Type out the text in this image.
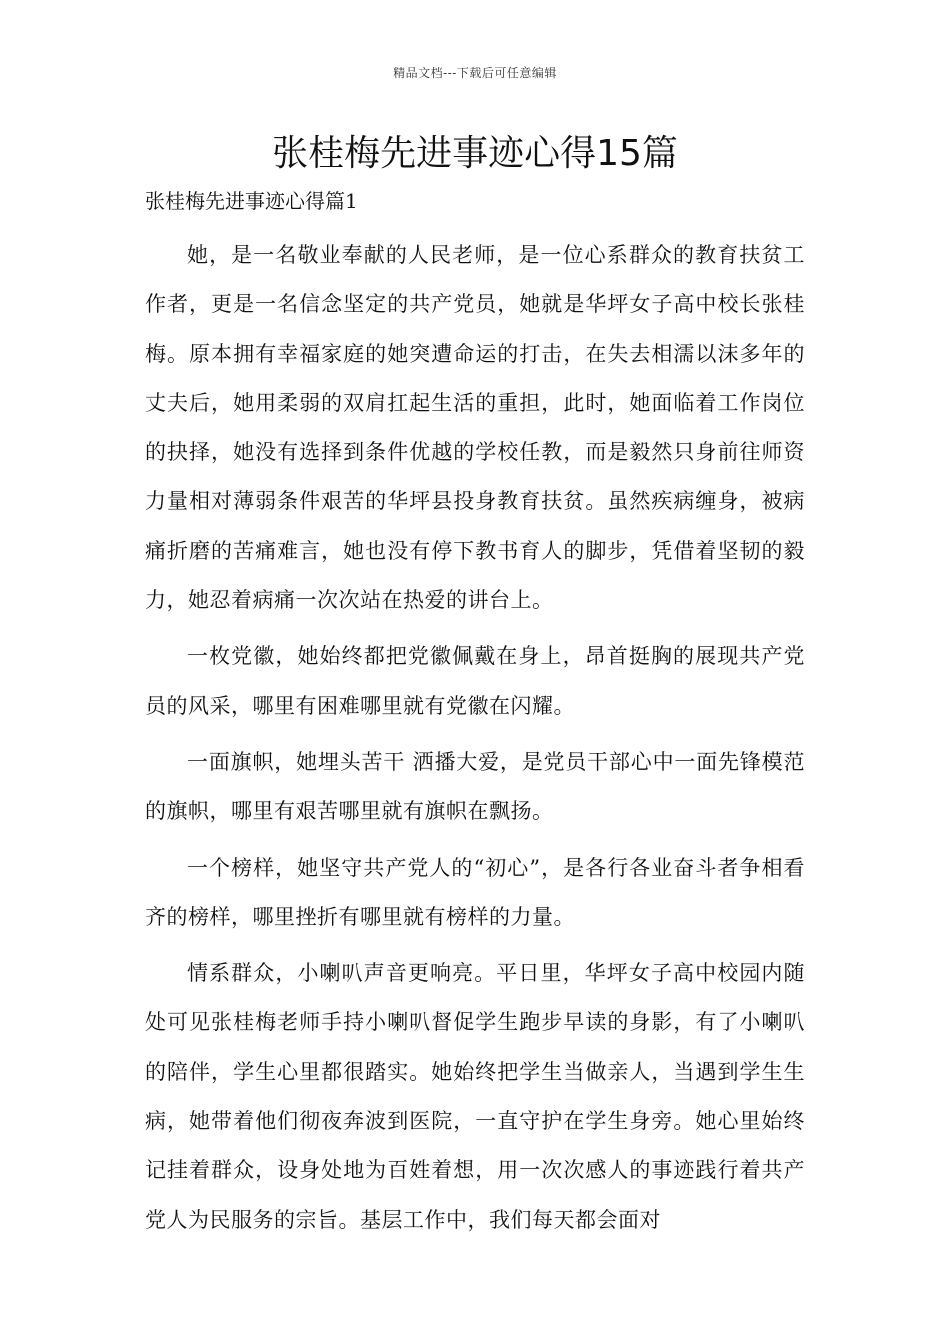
精品文档---下载后可任意编辑
张桂梅先进事迹心得15篇
张桂梅先进事迹心得篇1

她，是一名敬业奉献的人民老师，是一位心系群众的教育扶贫工作者，更是一名信念坚定的共产党员，她就是华坪女子高中校长张桂梅。原本拥有幸福家庭的她突遭命运的打击，在失去相濡以沫多年的丈夫后，她用柔弱的双肩扛起生活的重担，此时，她面临着工作岗位的抉择，她没有选择到条件优越的学校任教，而是毅然只身前往师资力量相对薄弱条件艰苦的华坪县投身教育扶贫。虽然疾病缠身，被病痛折磨的苦痛难言，她也没有停下教书育人的脚步，凭借着坚韧的毅力，她忍着病痛一次次站在热爱的讲台上。

一枚党徽，她始终都把党徽佩戴在身上，昂首挺胸的展现共产党员的风采，哪里有困难哪里就有党徽在闪耀。

一面旗帜，她埋头苦干 洒播大爱，是党员干部心中一面先锋模范的旗帜，哪里有艰苦哪里就有旗帜在飘扬。

一个榜样，她坚守共产党人的“初心”，是各行各业奋斗者争相看齐的榜样，哪里挫折有哪里就有榜样的力量。

情系群众，小喇叭声音更响亮。平日里，华坪女子高中校园内随处可见张桂梅老师手持小喇叭督促学生跑步早读的身影，有了小喇叭的陪伴，学生心里都很踏实。她始终把学生当做亲人，当遇到学生生病，她带着他们彻夜奔波到医院，一直守护在学生身旁。她心里始终记挂着群众，设身处地为百姓着想，用一次次感人的事迹践行着共产党人为民服务的宗旨。基层工作中，我们每天都会面对
